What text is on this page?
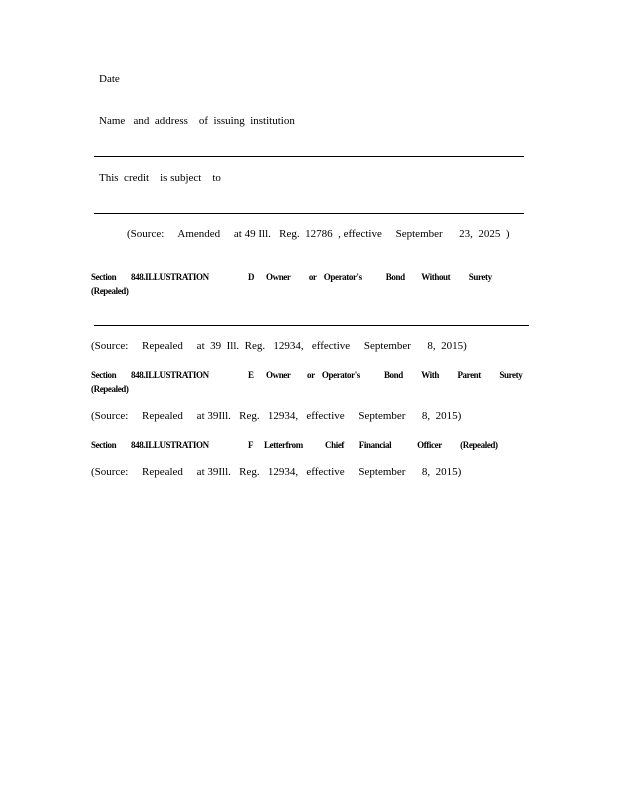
Date
Name   and  address    of  issuing  institution
This  credit    is subject    to
(Source:     Amended     at 49 Ill.   Reg.  12786  , effective     September      23,  2025  )
Section 848.ILLUSTRATION	D Owner          or    Operator's             Bond         Without          Surety
(Repealed)
(Source:     Repealed     at  39  Ill.  Reg.   12934,   effective     September      8,  2015)
Section 848.ILLUSTRATION	E Owner         or    Operator's             Bond          With          Parent          Surety
(Repealed)
(Source:     Repealed     at 39Ill.   Reg.   12934,   effective     September      8,  2015)
Section 848.ILLUSTRATION	F Letterfrom            Chief        Financial              Officer          (Repealed)
(Source:     Repealed     at 39Ill.   Reg.   12934,   effective     September      8,  2015)
